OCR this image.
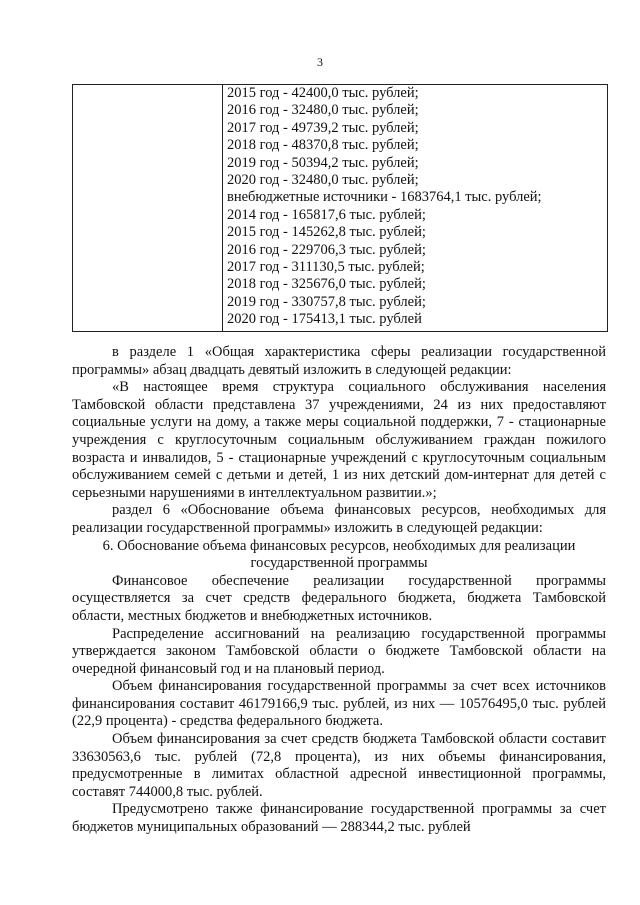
3
2015 год - 42400,0 тыс. рублей;
2016 год - 32480,0 тыс. рублей;
2017 год - 49739,2 тыс. рублей;
2018 год - 48370,8 тыс. рублей;
2019 год - 50394,2 тыс. рублей;
2020 год - 32480,0 тыс. рублей;
внебюджетные источники - 1683764,1 тыс. рублей;
2014 год - 165817,6 тыс. рублей;
2015 год - 145262,8 тыс. рублей;
2016 год - 229706,3 тыс. рублей;
2017 год - 311130,5 тыс. рублей;
2018 год - 325676,0 тыс. рублей;
2019 год - 330757,8 тыс. рублей;
2020 год - 175413,1 тыс. рублей

в разделе 1 «Общая характеристика сферы реализации государственной программы» абзац двадцать девятый изложить в следующей редакции:

«В настоящее время структура социального обслуживания населения Тамбовской области представлена 37 учреждениями, 24 из них предоставляют социальные услуги на дому, а также меры социальной поддержки, 7 - стационарные учреждения с круглосуточным социальным обслуживанием граждан пожилого возраста и инвалидов, 5 - стационарные учреждений с круглосуточным социальным обслуживанием семей с детьми и детей, 1 из них детский дом-интернат для детей с серьезными нарушениями в интеллектуальном развитии.»;

раздел 6 «Обоснование объема финансовых ресурсов, необходимых для реализации государственной программы» изложить в следующей редакции:

6. Обоснование объема финансовых ресурсов, необходимых для реализации государственной программы

Финансовое обеспечение реализации государственной программы осуществляется за счет средств федерального бюджета, бюджета Тамбовской области, местных бюджетов и внебюджетных источников.

Распределение ассигнований на реализацию государственной программы утверждается законом Тамбовской области о бюджете Тамбовской области на очередной финансовый год и на плановый период.

Объем финансирования государственной программы за счет всех источников финансирования составит 46179166,9 тыс. рублей, из них — 10576495,0 тыс. рублей (22,9 процента) - средства федерального бюджета.

Объем финансирования за счет средств бюджета Тамбовской области составит 33630563,6 тыс. рублей (72,8 процента), из них объемы финансирования, предусмотренные в лимитах областной адресной инвестиционной программы, составят 744000,8 тыс. рублей.

Предусмотрено также финансирование государственной программы за счет бюджетов муниципальных образований — 288344,2 тыс. рублей
